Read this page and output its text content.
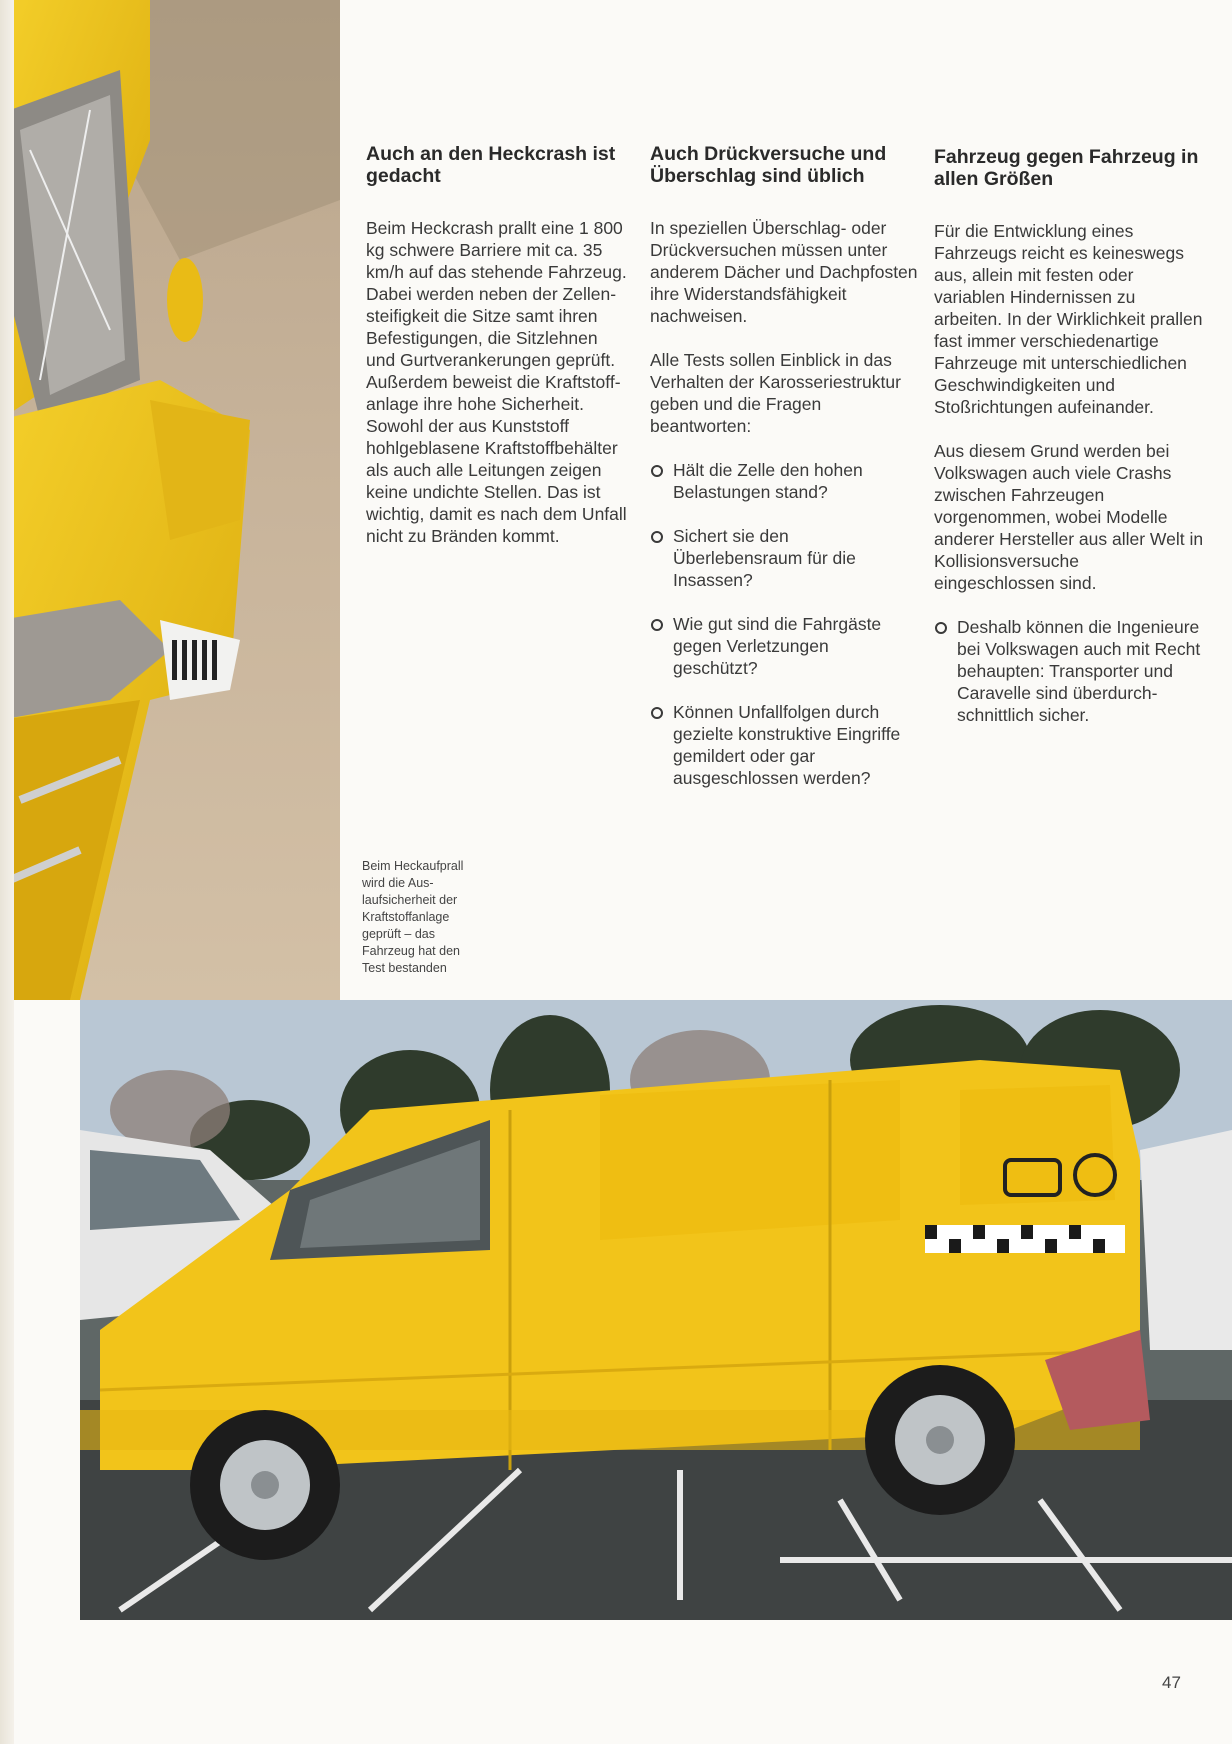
Auch an den Heckcrash ist gedacht

Beim Heckcrash prallt eine 1 800 kg schwere Barriere mit ca. 35 km/h auf das stehende Fahrzeug. Dabei werden neben der Zellensteifigkeit die Sitze samt ihren Befestigungen, die Sitzlehnen und Gurtverankerungen geprüft. Außerdem beweist die Kraftstoffanlage ihre hohe Sicherheit. Sowohl der aus Kunststoff hohlgeblasene Kraftstoffbehälter als auch alle Leitungen zeigen keine undichte Stellen. Das ist wichtig, damit es nach dem Unfall nicht zu Bränden kommt.

Auch Drückversuche und Überschlag sind üblich

In speziellen Überschlag- oder Drückversuchen müssen unter anderem Dächer und Dachpfosten ihre Widerstandsfähigkeit nachweisen.

Alle Tests sollen Einblick in das Verhalten der Karosseriestruktur geben und die Fragen beantworten:

Hält die Zelle den hohen Belastungen stand?
Sichert sie den Überlebensraum für die Insassen?
Wie gut sind die Fahrgäste gegen Verletzungen geschützt?
Können Unfallfolgen durch gezielte konstruktive Eingriffe gemildert oder gar ausgeschlossen werden?
Fahrzeug gegen Fahrzeug in allen Größen

Für die Entwicklung eines Fahrzeugs reicht es keineswegs aus, allein mit festen oder variablen Hindernissen zu arbeiten. In der Wirklichkeit prallen fast immer verschiedenartige Fahrzeuge mit unterschiedlichen Geschwindigkeiten und Stoßrichtungen aufeinander.

Aus diesem Grund werden bei Volkswagen auch viele Crashs zwischen Fahrzeugen vorgenommen, wobei Modelle anderer Hersteller aus aller Welt in Kollisionsversuche eingeschlossen sind.

Deshalb können die Ingenieure bei Volkswagen auch mit Recht behaupten: Transporter und Caravelle sind überdurchschnittlich sicher.
Beim Heckaufprall wird die Auslaufsicherheit der Kraftstoffanlage geprüft – das Fahrzeug hat den Test bestanden
47
